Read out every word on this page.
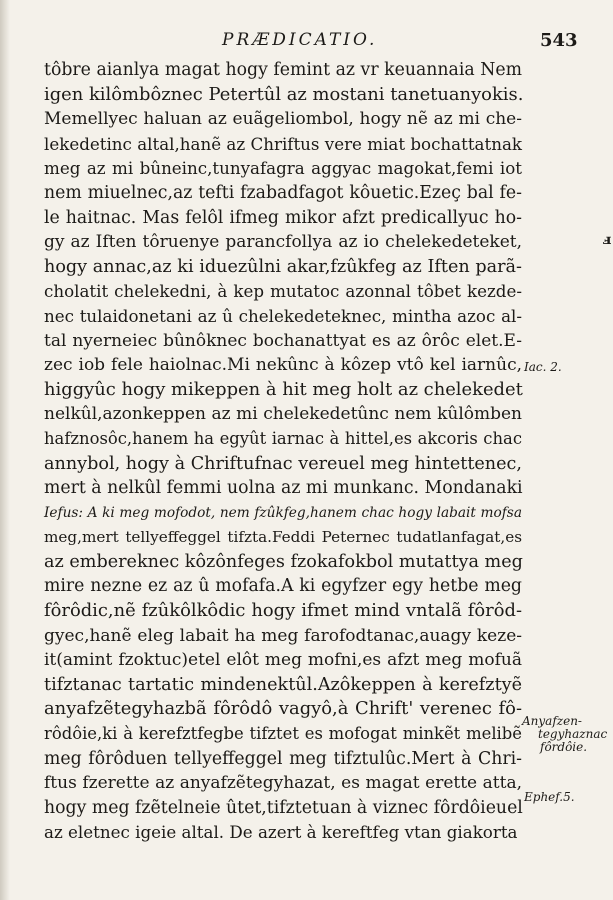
PRÆDICATIO.	543
tôbre aianlya magat hogy femint az vr keuannaia Nem
igen kilômbôznec Petertûl az mostani tanetuanyokis.
Memellyec haluan az euãgeliombol, hogy nẽ az mi che-
lekedetinc altal,hanẽ az Chriftus vere miat bochattatnak
meg az mi bûneinc,tunyafagra aggyac magokat,femi iot
nem miuelnec,az tefti fzabadfagot kôuetic.Ezeç bal fe-
le haitnac. Mas felôl ifmeg mikor afzt predicallyuc ho-
gy az Iften tôruenye parancfollya az io chelekedeteket,
hogy annac,az ki iduezûlni akar,fzûkfeg az Iften parã-
cholatit chelekedni, à kep mutatoc azonnal tôbet kezde-
nec tulaidonetani az û chelekedeteknec, mintha azoc al-
tal nyerneiec bûnôknec bochanattyat es az ôrôc elet.E-
zec iob fele haiolnac.Mi nekûnc à kôzep vtô kel iarnûc,
higgyûc hogy mikeppen à hit meg holt az chelekedet
nelkûl,azonkeppen az mi chelekedetûnc nem kûlômben
hafznosôc,hanem ha egyût iarnac à hittel,es akcoris chac
annybol, hogy à Chriftufnac vereuel meg hintettenec,
mert à nelkûl femmi uolna az mi munkanc. Mondanaki
Iefus: A ki meg mofodot, nem fzûkfeg,hanem chac hogy labait mofsa
meg,mert tellyeffeggel tifzta.Feddi Peternec tudatlanfagat,es
az embereknec kôzônfeges fzokafokbol mutattya meg
mire nezne ez az û mofafa.A ki egyfzer egy hetbe meg
fôrôdic,nẽ fzûkôlkôdic hogy ifmet mind vntalã fôrôd-
gyec,hanẽ eleg labait ha meg farofodtanac,auagy keze-
it(amint fzoktuc)etel elôt meg mofni,es afzt meg mofuã
tifztanac tartatic mindenektûl.Azôkeppen à kerefztyẽ
anyafzẽtegyhazbã fôrôdô vagyô,à Chrift' verenec fô-
rôdôie,ki à kerefztfegbe tifztet es mofogat minkẽt melibẽ
meg fôrôduen tellyeffeggel meg tifztulûc.Mert à Chri-
ftus fzerette az anyafzẽtegyhazat, es magat erette atta,
hogy meg fzẽtelneie ûtet,tifztetuan à viznec fôrdôieuel
az eletnec igeie altal. De azert à kereftfeg vtan giakorta
Iac. 2.
Anyafzen-
tegyhaznac
fôrdôie.
Ephef.5.
ⅎ
